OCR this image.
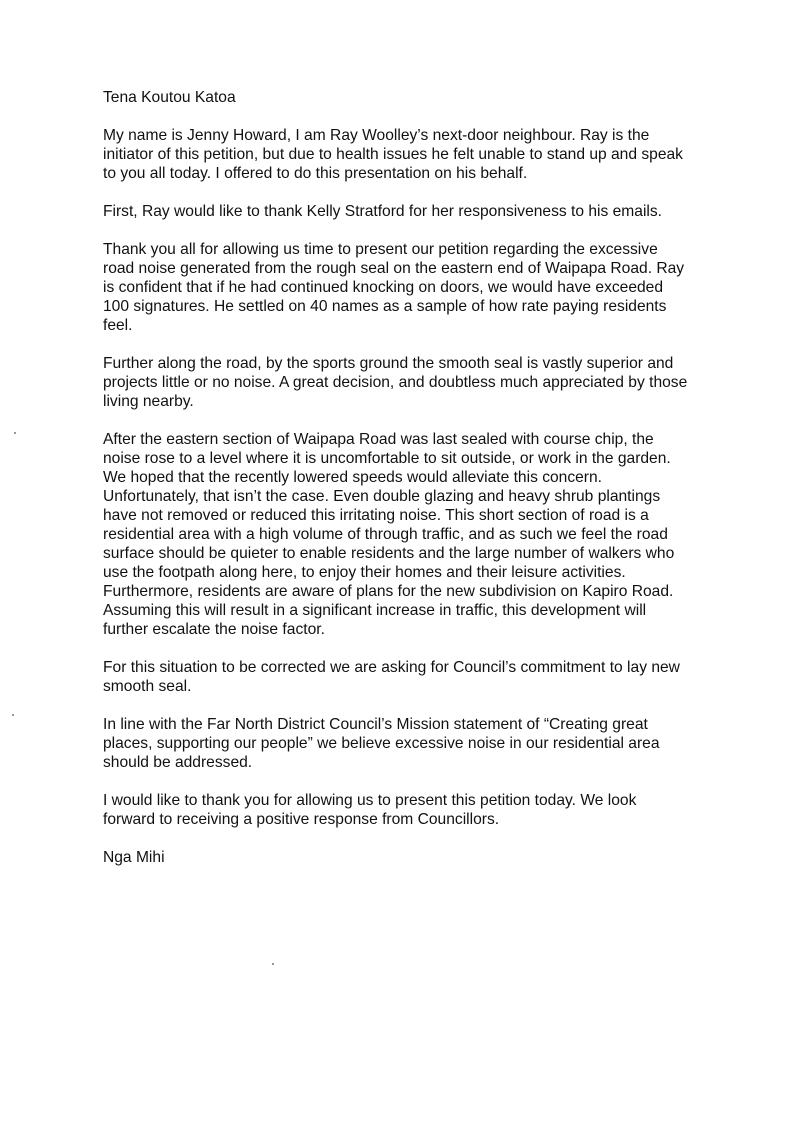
Tena Koutou Katoa

My name is Jenny Howard, I am Ray Woolley’s next-door neighbour. Ray is the
initiator of this petition, but due to health issues he felt unable to stand up and speak
to you all today. I offered to do this presentation on his behalf.

First, Ray would like to thank Kelly Stratford for her responsiveness to his emails.

Thank you all for allowing us time to present our petition regarding the excessive
road noise generated from the rough seal on the eastern end of Waipapa Road. Ray
is confident that if he had continued knocking on doors, we would have exceeded
100 signatures. He settled on 40 names as a sample of how rate paying residents
feel.

Further along the road, by the sports ground the smooth seal is vastly superior and
projects little or no noise. A great decision, and doubtless much appreciated by those
living nearby.

After the eastern section of Waipapa Road was last sealed with course chip, the
noise rose to a level where it is uncomfortable to sit outside, or work in the garden.
We hoped that the recently lowered speeds would alleviate this concern.
Unfortunately, that isn’t the case. Even double glazing and heavy shrub plantings
have not removed or reduced this irritating noise. This short section of road is a
residential area with a high volume of through traffic, and as such we feel the road
surface should be quieter to enable residents and the large number of walkers who
use the footpath along here, to enjoy their homes and their leisure activities.
Furthermore, residents are aware of plans for the new subdivision on Kapiro Road.
Assuming this will result in a significant increase in traffic, this development will
further escalate the noise factor.

For this situation to be corrected we are asking for Council’s commitment to lay new
smooth seal.

In line with the Far North District Council’s Mission statement of “Creating great
places, supporting our people” we believe excessive noise in our residential area
should be addressed.

I would like to thank you for allowing us to present this petition today. We look
forward to receiving a positive response from Councillors.

Nga Mihi
